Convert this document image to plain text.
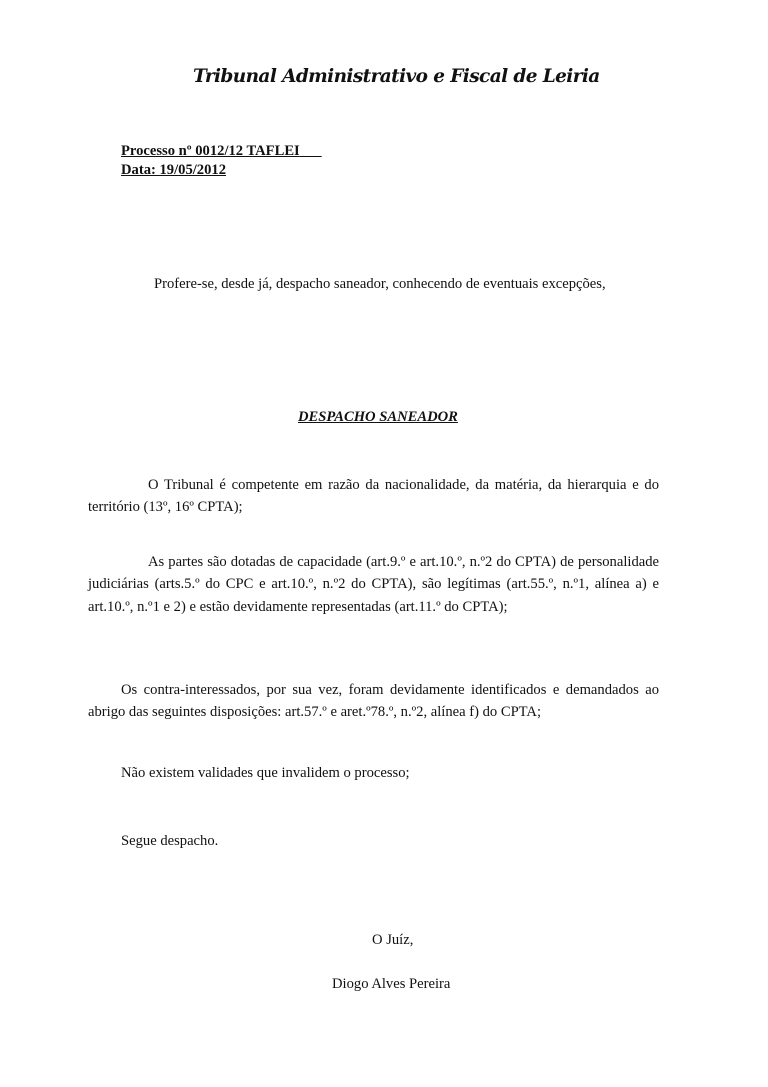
Tribunal Administrativo e Fiscal de Leiria
Processo nº 0012/12 TAFLEI
Data: 19/05/2012
Profere-se, desde já, despacho saneador, conhecendo de eventuais excepções,
DESPACHO SANEADOR
O Tribunal é competente em razão da nacionalidade, da matéria, da hierarquia e do território (13º, 16º CPTA);
As partes são dotadas de capacidade (art.9.º e art.10.º, n.º2 do CPTA) de personalidade judiciárias (arts.5.º do CPC e art.10.º, n.º2 do CPTA), são legítimas (art.55.º, n.º1, alínea a) e art.10.º, n.º1 e 2) e estão devidamente representadas (art.11.º do CPTA);
Os contra-interessados, por sua vez, foram devidamente identificados e demandados ao abrigo das seguintes disposições: art.57.º e aret.º78.º, n.º2, alínea f) do CPTA;
Não existem validades que invalidem o processo;
Segue despacho.
O Juíz,
Diogo Alves Pereira
